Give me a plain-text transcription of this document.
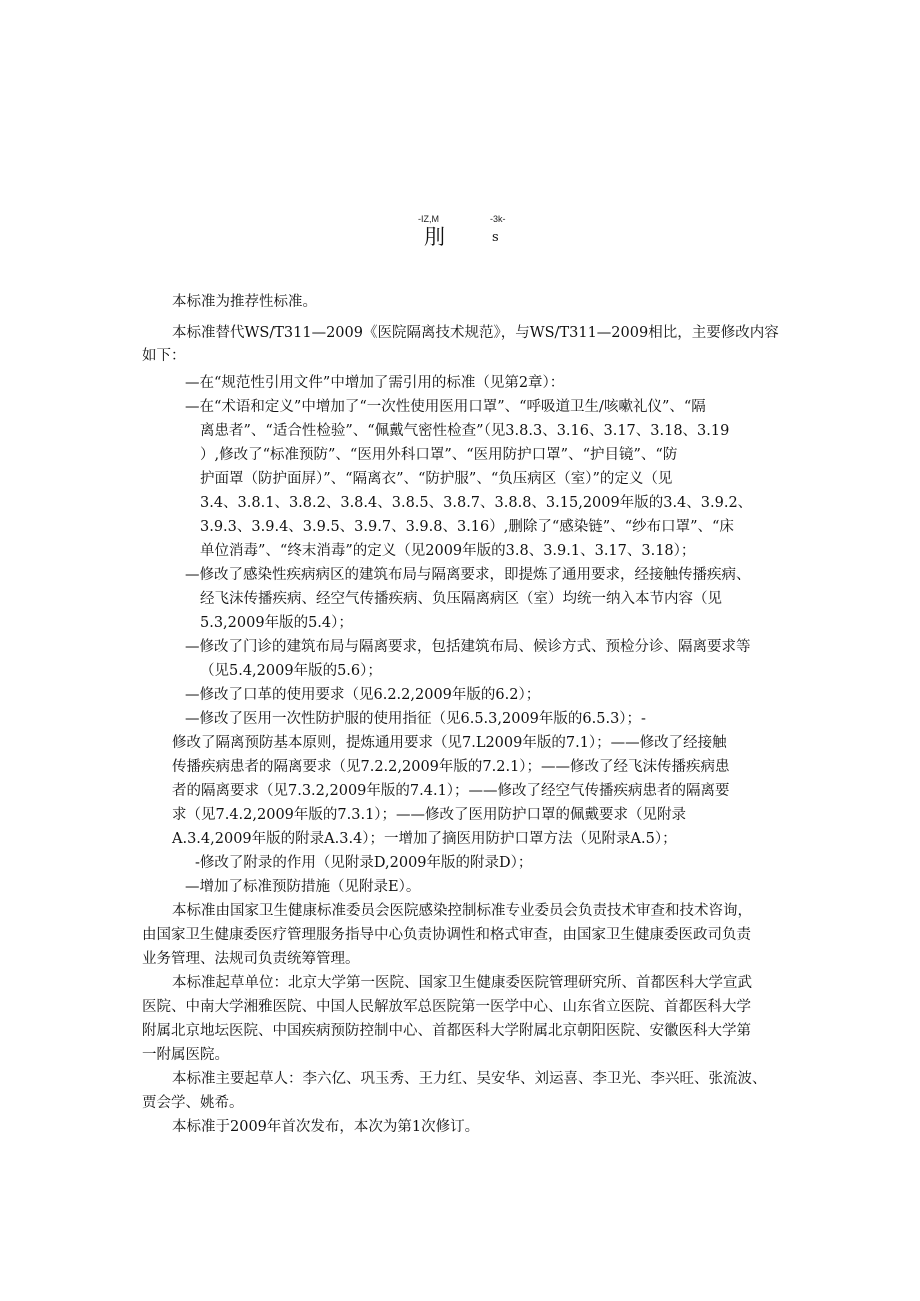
-IZ,M	-3k-
刖	s
本标准为推荐性标准。
本标准替代WS/T311—2009《医院隔离技术规范》，与WS/T311—2009相比，主要修改内容
如下：
—在“规范性引用文件”中增加了需引用的标准（见第2章）：
—在“术语和定义”中增加了“一次性使用医用口罩”、“呼吸道卫生/咳嗽礼仪”、“隔
离患者”、“适合性检验”、“佩戴气密性检查”（见3.8.3、3.16、3.17、3.18、3.19
）,修改了“标准预防”、“医用外科口罩”、“医用防护口罩”、“护目镜”、“防
护面罩（防护面屏）”、“隔离衣”、“防护服”、“负压病区（室）”的定义（见
3.4、3.8.1、3.8.2、3.8.4、3.8.5、3.8.7、3.8.8、3.15,2009年版的3.4、3.9.2、
3.9.3、3.9.4、3.9.5、3.9.7、3.9.8、3.16）,删除了“感染链”、“纱布口罩”、“床
单位消毒”、“终末消毒”的定义（见2009年版的3.8、3.9.1、3.17、3.18）；
—修改了感染性疾病病区的建筑布局与隔离要求，即提炼了通用要求，经接触传播疾病、
经飞沫传播疾病、经空气传播疾病、负压隔离病区（室）均统一纳入本节内容（见
5.3,2009年版的5.4）；
—修改了门诊的建筑布局与隔离要求，包括建筑布局、候诊方式、预检分诊、隔离要求等
（见5.4,2009年版的5.6）；
—修改了口革的使用要求（见6.2.2,2009年版的6.2）；
—修改了医用一次性防护服的使用指征（见6.5.3,2009年版的6.5.3）；-
修改了隔离预防基本原则，提炼通用要求（见7.L2009年版的7.1）；——修改了经接触
传播疾病患者的隔离要求（见7.2.2,2009年版的7.2.1）；——修改了经飞沫传播疾病患
者的隔离要求（见7.3.2,2009年版的7.4.1）；——修改了经空气传播疾病患者的隔离要
求（见7.4.2,2009年版的7.3.1）；——修改了医用防护口罩的佩戴要求（见附录
A.3.4,2009年版的附录A.3.4）；一增加了摘医用防护口罩方法（见附录A.5）；
-修改了附录的作用（见附录D,2009年版的附录D）；
—增加了标准预防措施（见附录E）。
本标准由国家卫生健康标准委员会医院感染控制标准专业委员会负责技术审查和技术咨询，
由国家卫生健康委医疗管理服务指导中心负责协调性和格式审查，由国家卫生健康委医政司负责
业务管理、法规司负责统筹管理。
本标准起草单位：北京大学第一医院、国家卫生健康委医院管理研究所、首都医科大学宣武
医院、中南大学湘雅医院、中国人民解放军总医院第一医学中心、山东省立医院、首都医科大学
附属北京地坛医院、中国疾病预防控制中心、首都医科大学附属北京朝阳医院、安徽医科大学第
一附属医院。
本标准主要起草人：李六亿、巩玉秀、王力红、吴安华、刘运喜、李卫光、李兴旺、张流波、
贾会学、姚希。
本标准于2009年首次发布，本次为第1次修订。
